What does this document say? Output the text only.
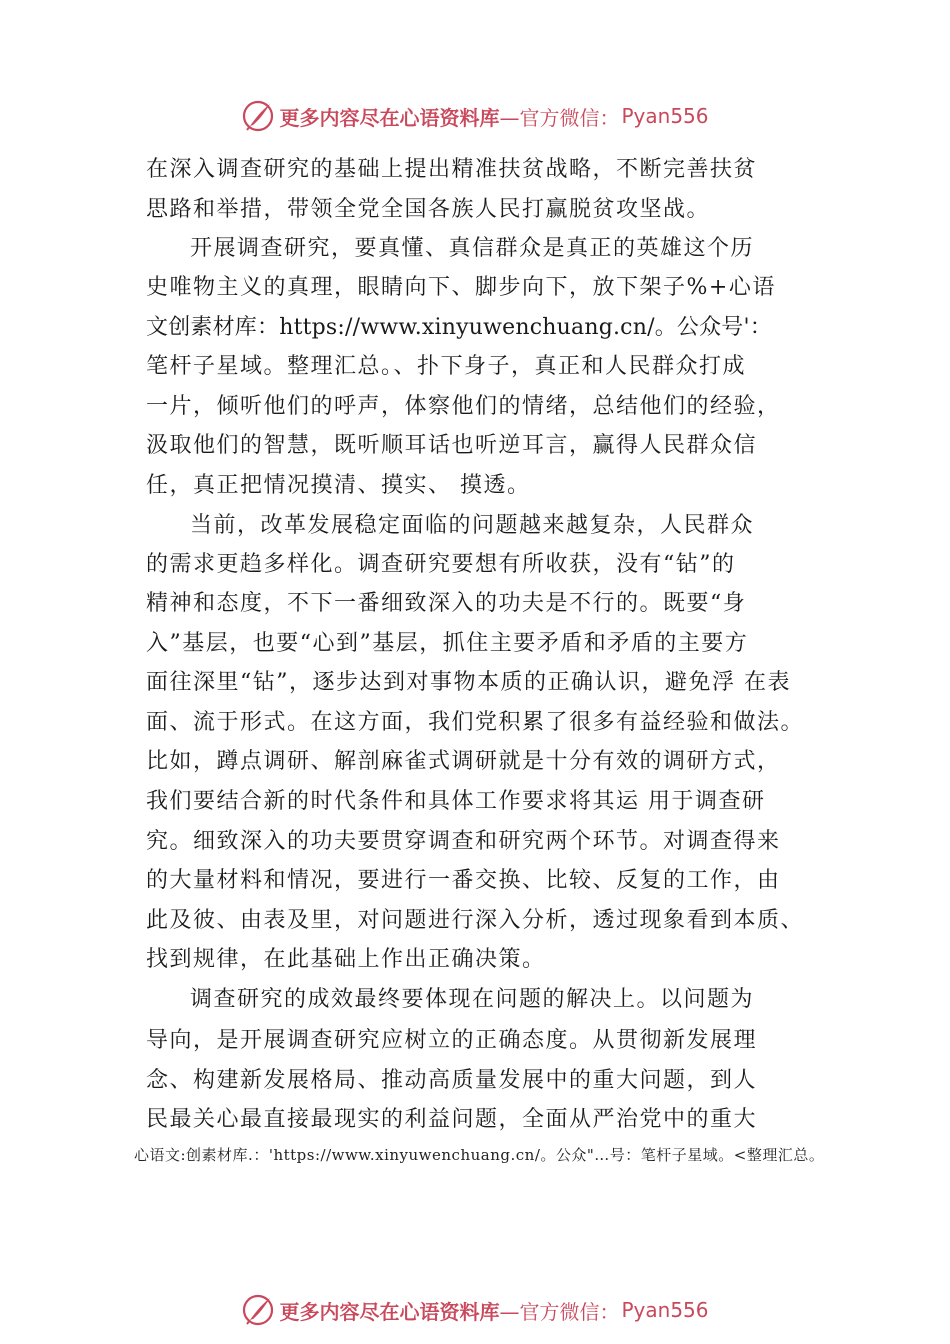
更多内容尽在心语资料库 —官方微信： Pyan556
在深入调查研究的基础上提出精准扶贫战略，不断完善扶贫
思路和举措，带领全党全国各族人民打赢脱贫攻坚战。
开展调查研究，要真懂、真信群众是真正的英雄这个历
史唯物主义的真理，眼睛向下、脚步向下，放下架子%+心语
文创素材库：https://www.xinyuwenchuang.cn/。公众号'：
笔杆子星域。整理汇总。、扑下身子，真正和人民群众打成
一片，倾听他们的呼声，体察他们的情绪，总结他们的经验，
汲取他们的智慧，既听顺耳话也听逆耳言，赢得人民群众信
任，真正把情况摸清、摸实、 摸透。
当前，改革发展稳定面临的问题越来越复杂，人民群众
的需求更趋多样化。调查研究要想有所收获，没有“钻”的
精神和态度，不下一番细致深入的功夫是不行的。既要“身
入”基层，也要“心到”基层，抓住主要矛盾和矛盾的主要方
面往深里“钻”，逐步达到对事物本质的正确认识，避免浮 在表
面、流于形式。在这方面，我们党积累了很多有益经验和做法。
比如，蹲点调研、解剖麻雀式调研就是十分有效的调研方式，
我们要结合新的时代条件和具体工作要求将其运 用于调查研
究。细致深入的功夫要贯穿调查和研究两个环节。对调查得来
的大量材料和情况，要进行一番交换、比较、反复的工作，由
此及彼、由表及里，对问题进行深入分析，透过现象看到本质、
找到规律，在此基础上作出正确决策。
调查研究的成效最终要体现在问题的解决上。以问题为
导向，是开展调查研究应树立的正确态度。从贯彻新发展理
念、构建新发展格局、推动高质量发展中的重大问题，到人
民最关心最直接最现实的利益问题，全面从严治党中的重大
心语文:创素材库.：'https://www.xinyuwenchuang.cn/。公众"…号：笔杆子星域。<整理汇总。
更多内容尽在心语资料库 —官方微信： Pyan556
